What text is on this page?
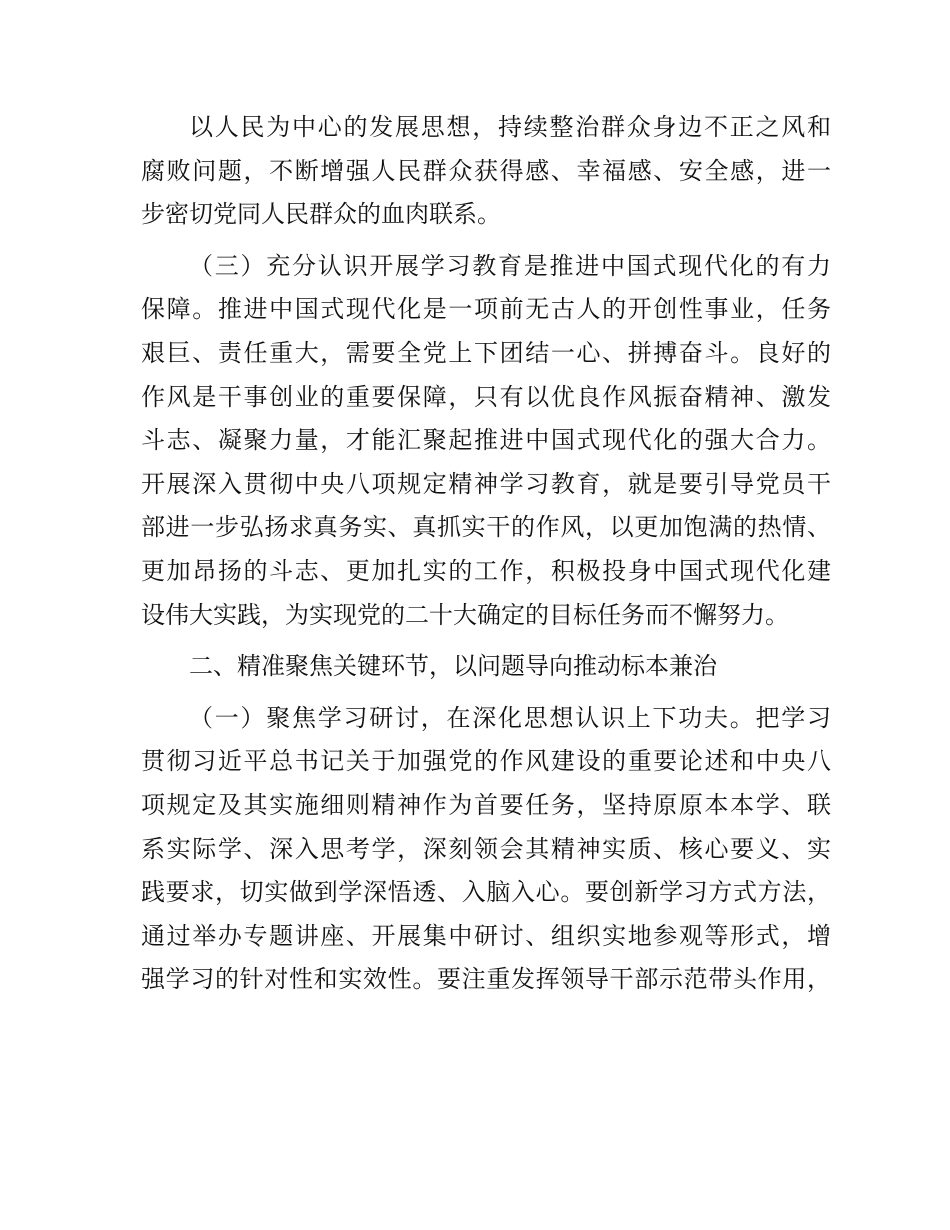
以人民为中心的发展思想，持续整治群众身边不正之风和
腐败问题，不断增强人民群众获得感、幸福感、安全感，进一
步密切党同人民群众的血肉联系。
（三）充分认识开展学习教育是推进中国式现代化的有力
保障。推进中国式现代化是一项前无古人的开创性事业，任务
艰巨、责任重大，需要全党上下团结一心、拼搏奋斗。良好的
作风是干事创业的重要保障，只有以优良作风振奋精神、激发
斗志、凝聚力量，才能汇聚起推进中国式现代化的强大合力。
开展深入贯彻中央八项规定精神学习教育，就是要引导党员干
部进一步弘扬求真务实、真抓实干的作风，以更加饱满的热情、
更加昂扬的斗志、更加扎实的工作，积极投身中国式现代化建
设伟大实践，为实现党的二十大确定的目标任务而不懈努力。
二、精准聚焦关键环节，以问题导向推动标本兼治
（一）聚焦学习研讨，在深化思想认识上下功夫。把学习
贯彻习近平总书记关于加强党的作风建设的重要论述和中央八
项规定及其实施细则精神作为首要任务，坚持原原本本学、联
系实际学、深入思考学，深刻领会其精神实质、核心要义、实
践要求，切实做到学深悟透、入脑入心。要创新学习方式方法，
通过举办专题讲座、开展集中研讨、组织实地参观等形式，增
强学习的针对性和实效性。要注重发挥领导干部示范带头作用，
